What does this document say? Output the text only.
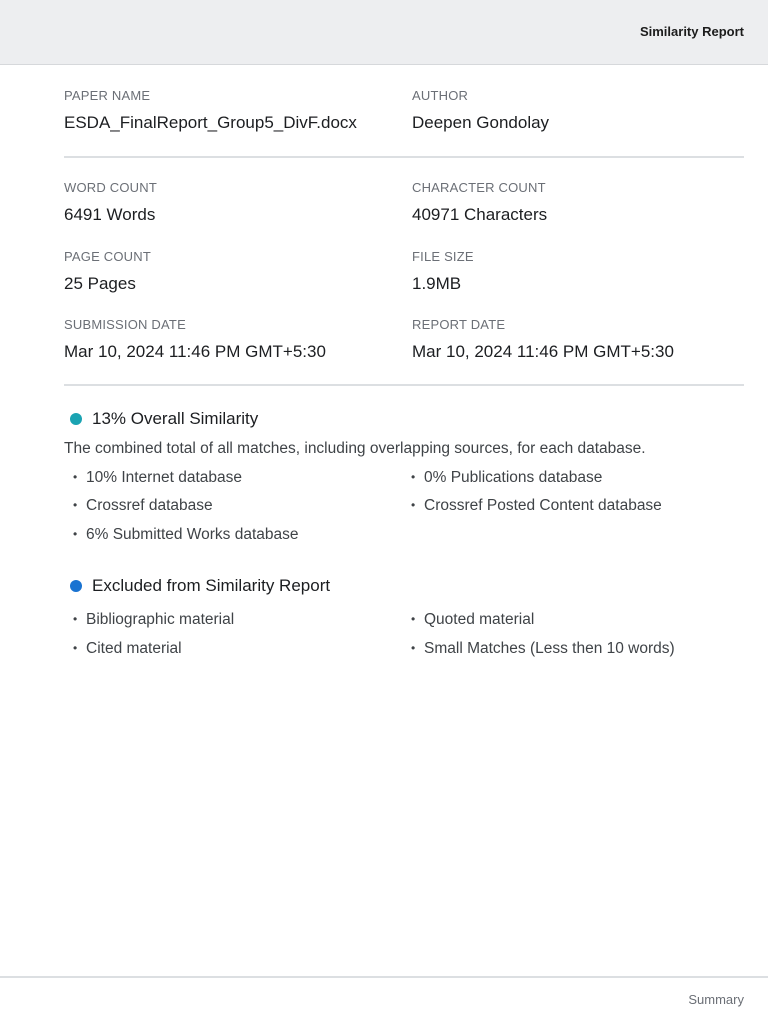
Similarity Report
PAPER NAME
ESDA_FinalReport_Group5_DivF.docx
AUTHOR
Deepen Gondolay
WORD COUNT
6491 Words
CHARACTER COUNT
40971 Characters
PAGE COUNT
25 Pages
FILE SIZE
1.9MB
SUBMISSION DATE
Mar 10, 2024 11:46 PM GMT+5:30
REPORT DATE
Mar 10, 2024 11:46 PM GMT+5:30
13% Overall Similarity
The combined total of all matches, including overlapping sources, for each database.
• 10% Internet database	• 0% Publications database
• Crossref database	• Crossref Posted Content database
• 6% Submitted Works database
Excluded from Similarity Report
• Bibliographic material	• Quoted material
• Cited material	• Small Matches (Less then 10 words)
Summary
